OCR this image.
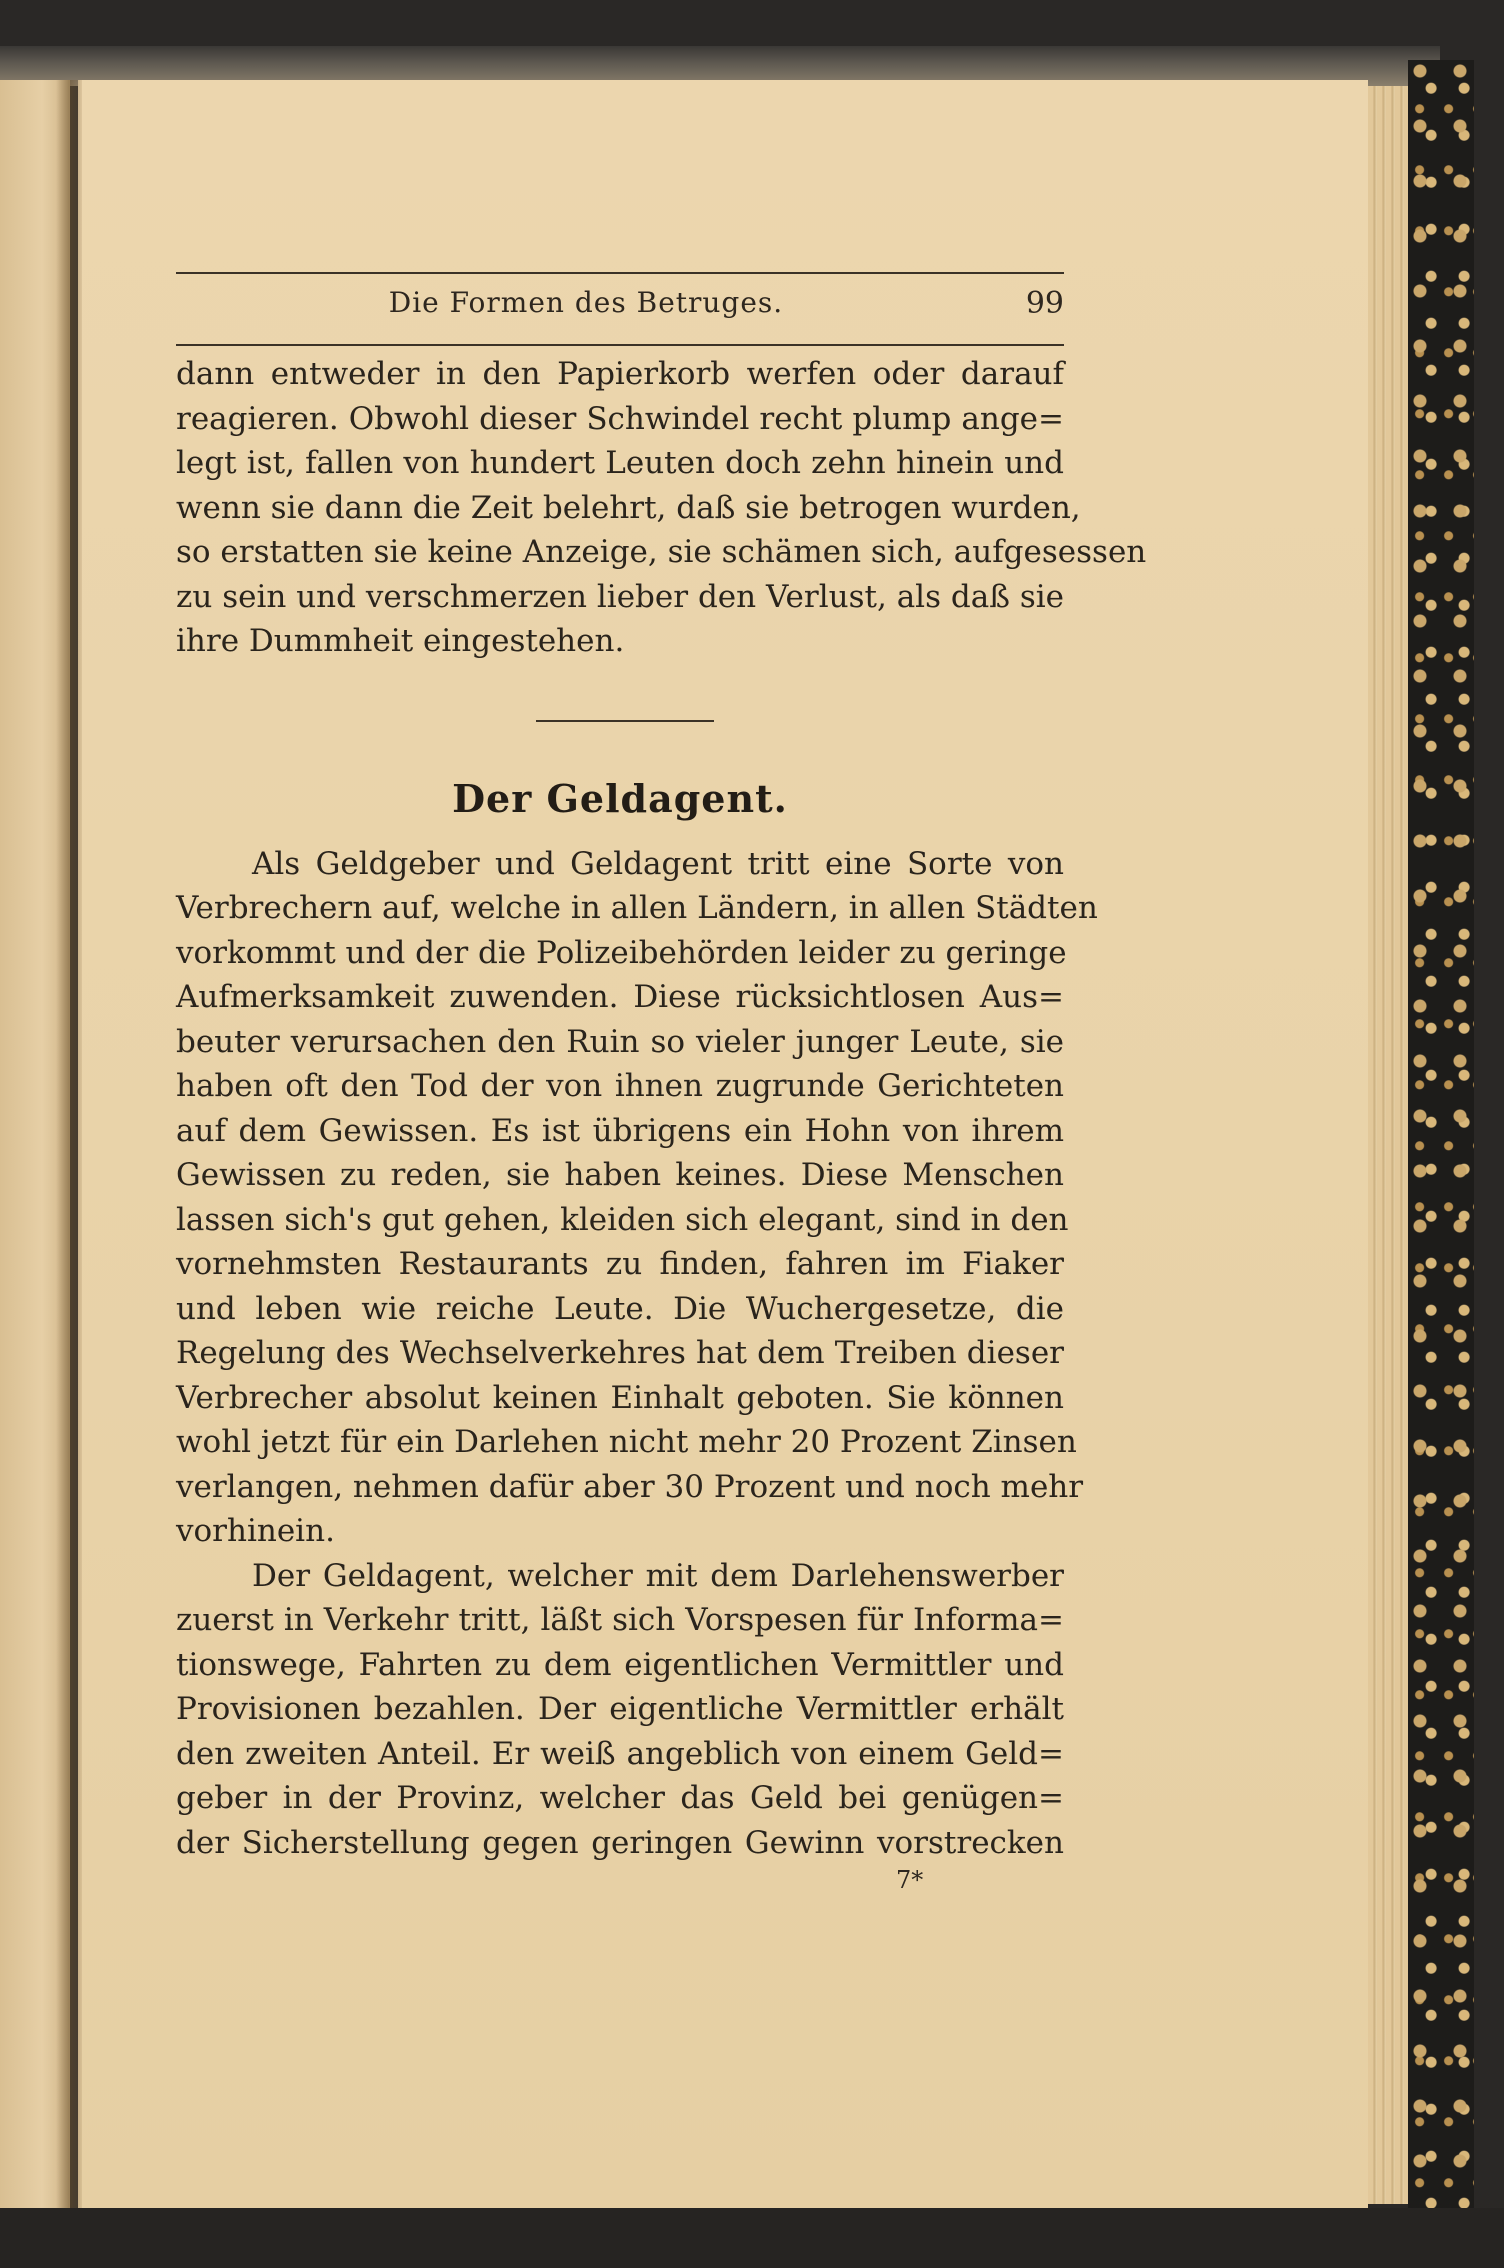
Die Formen des Betruges.	99
dann entweder in den Papierkorb werfen oder darauf
reagieren. Obwohl dieser Schwindel recht plump ange=
legt ist, fallen von hundert Leuten doch zehn hinein und
wenn sie dann die Zeit belehrt, daß sie betrogen wurden,
so erstatten sie keine Anzeige, sie schämen sich, aufgesessen
zu sein und verschmerzen lieber den Verlust, als daß sie
ihre Dummheit eingestehen.
Der Geldagent.
Als Geldgeber und Geldagent tritt eine Sorte von
Verbrechern auf, welche in allen Ländern, in allen Städten
vorkommt und der die Polizeibehörden leider zu geringe
Aufmerksamkeit zuwenden. Diese rücksichtlosen Aus=
beuter verursachen den Ruin so vieler junger Leute, sie
haben oft den Tod der von ihnen zugrunde Gerichteten
auf dem Gewissen. Es ist übrigens ein Hohn von ihrem
Gewissen zu reden, sie haben keines. Diese Menschen
lassen sich's gut gehen, kleiden sich elegant, sind in den
vornehmsten Restaurants zu finden, fahren im Fiaker
und leben wie reiche Leute. Die Wuchergesetze, die
Regelung des Wechselverkehres hat dem Treiben dieser
Verbrecher absolut keinen Einhalt geboten. Sie können
wohl jetzt für ein Darlehen nicht mehr 20 Prozent Zinsen
verlangen, nehmen dafür aber 30 Prozent und noch mehr
vorhinein.
Der Geldagent, welcher mit dem Darlehenswerber
zuerst in Verkehr tritt, läßt sich Vorspesen für Informa=
tionswege, Fahrten zu dem eigentlichen Vermittler und
Provisionen bezahlen. Der eigentliche Vermittler erhält
den zweiten Anteil. Er weiß angeblich von einem Geld=
geber in der Provinz, welcher das Geld bei genügen=
der Sicherstellung gegen geringen Gewinn vorstrecken
7*
